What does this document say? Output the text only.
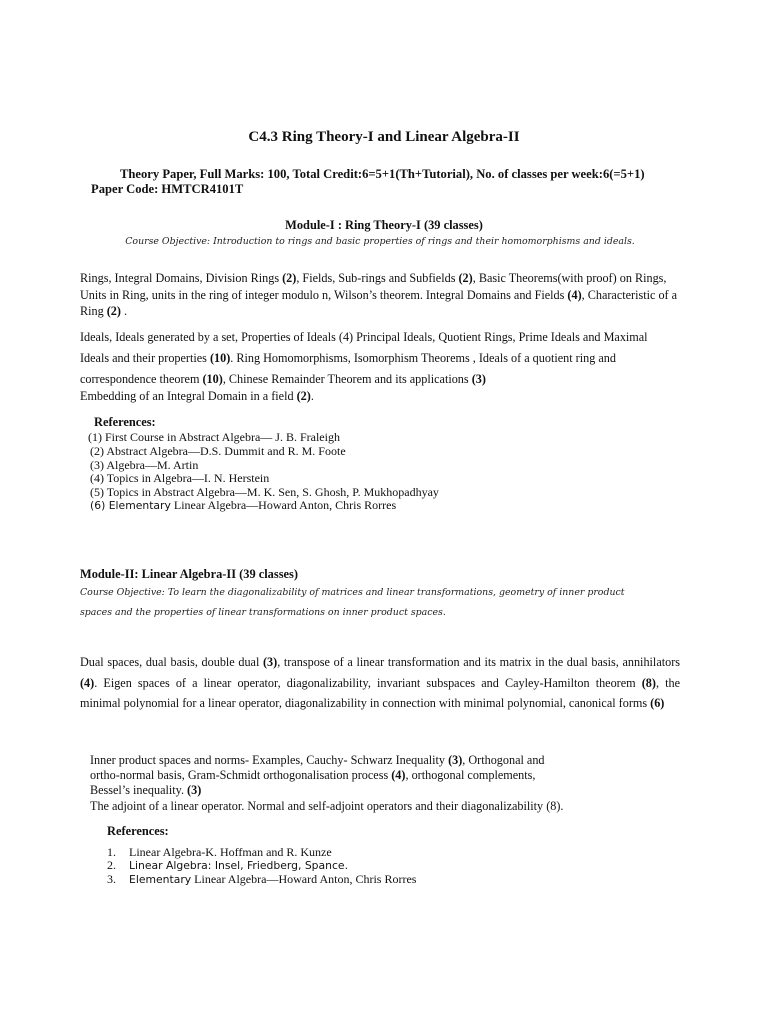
C4.3 Ring Theory-I and Linear Algebra-II
Theory Paper, Full Marks: 100, Total Credit:6=5+1(Th+Tutorial), No. of classes per week:6(=5+1)
Paper Code: HMTCR4101T
Module-I : Ring Theory-I (39 classes)
Course Objective: Introduction to rings and basic properties of rings and their homomorphisms and ideals.
Rings, Integral Domains, Division Rings (2), Fields, Sub-rings and Subfields (2), Basic Theorems(with proof) on Rings, Units in Ring, units in the ring of integer modulo n, Wilson’s theorem. Integral Domains and Fields (4), Characteristic of a Ring (2) .
Ideals, Ideals generated by a set, Properties of Ideals (4) Principal Ideals, Quotient Rings, Prime Ideals and Maximal
Ideals and their properties (10). Ring Homomorphisms, Isomorphism Theorems , Ideals of a quotient ring and
correspondence theorem (10), Chinese Remainder Theorem and its applications (3)
Embedding of an Integral Domain in a field (2).
References:
(1) First Course in Abstract Algebra— J. B. Fraleigh
(2) Abstract Algebra—D.S. Dummit and R. M. Foote
(3) Algebra—M. Artin
(4) Topics in Algebra—I. N. Herstein
(5) Topics in Abstract Algebra—M. K. Sen, S. Ghosh, P. Mukhopadhyay
(6) Elementary Linear Algebra—Howard Anton, Chris Rorres
Module-II: Linear Algebra-II (39 classes)
Course Objective: To learn the diagonalizability of matrices and linear transformations, geometry of inner product
spaces and the properties of linear transformations on inner product spaces.
Dual spaces, dual basis, double dual (3), transpose of a linear transformation and its matrix in the dual basis, annihilators (4). Eigen spaces of a linear operator, diagonalizability, invariant subspaces and Cayley-Hamilton theorem (8), the minimal polynomial for a linear operator, diagonalizability in connection with minimal polynomial, canonical forms (6)
Inner product spaces and norms- Examples, Cauchy- Schwarz Inequality (3), Orthogonal and
ortho-normal basis, Gram-Schmidt orthogonalisation process (4), orthogonal complements,
Bessel’s inequality. (3)
The adjoint of a linear operator. Normal and self-adjoint operators and their diagonalizability (8).
References:
1. Linear Algebra-K. Hoffman and R. Kunze
2. Linear Algebra: Insel, Friedberg, Spance.
3. Elementary Linear Algebra—Howard Anton, Chris Rorres
